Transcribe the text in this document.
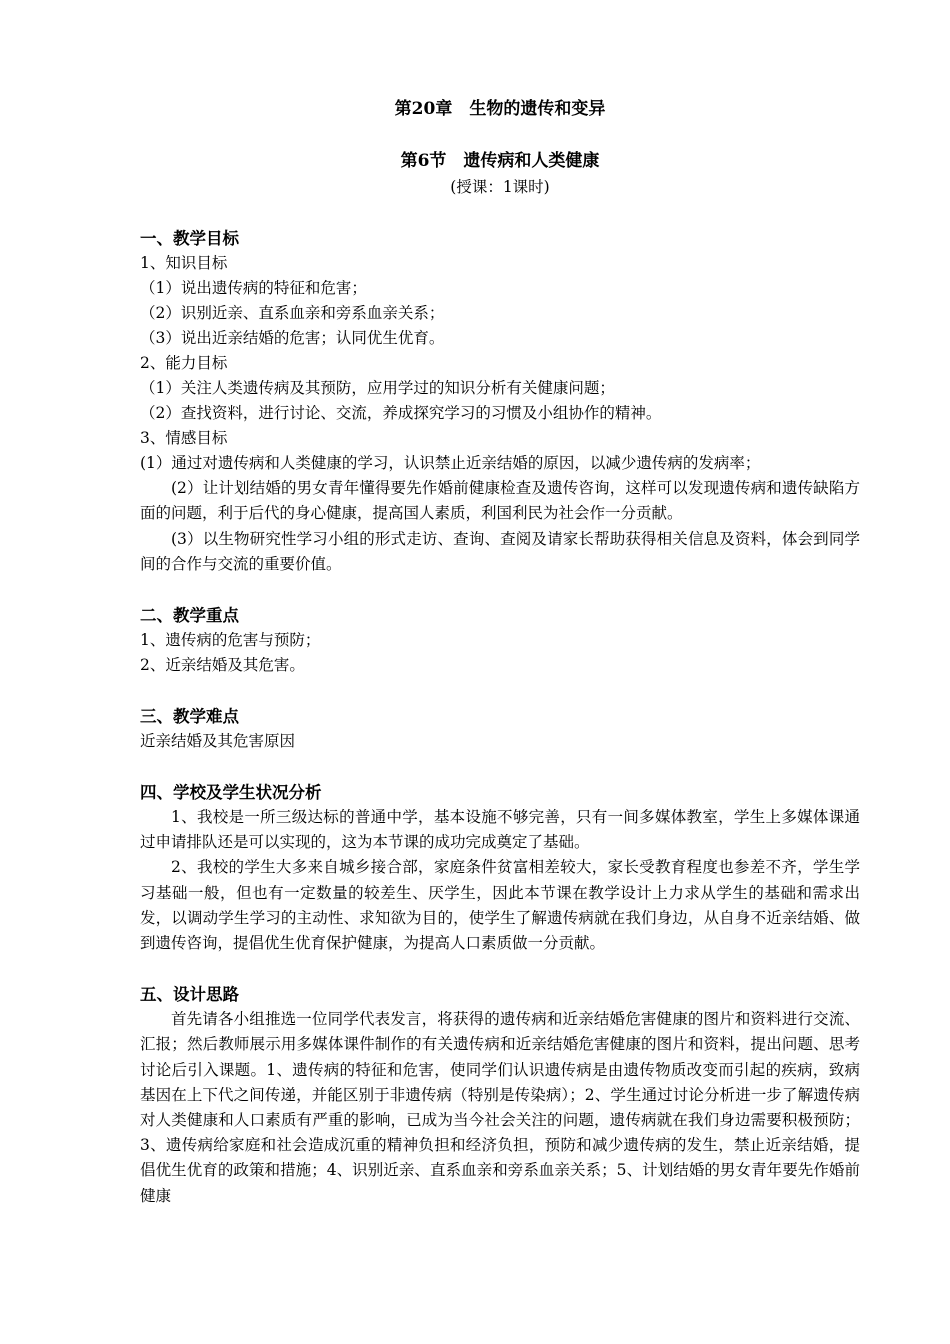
第20章　生物的遗传和变异

第6节　遗传病和人类健康

(授课：1课时)

一、教学目标

1、知识目标

（1）说出遗传病的特征和危害；

（2）识别近亲、直系血亲和旁系血亲关系；

（3）说出近亲结婚的危害；认同优生优育。

2、能力目标

（1）关注人类遗传病及其预防，应用学过的知识分析有关健康问题；

（2）查找资料，进行讨论、交流，养成探究学习的习惯及小组协作的精神。

3、情感目标

(1）通过对遗传病和人类健康的学习，认识禁止近亲结婚的原因，以减少遗传病的发病率；

(2）让计划结婚的男女青年懂得要先作婚前健康检查及遗传咨询，这样可以发现遗传病和遗传缺陷方面的问题，利于后代的身心健康，提高国人素质，利国利民为社会作一分贡献。

(3）以生物研究性学习小组的形式走访、查询、查阅及请家长帮助获得相关信息及资料，体会到同学间的合作与交流的重要价值。

二、教学重点

1、遗传病的危害与预防；

2、近亲结婚及其危害。

三、教学难点

近亲结婚及其危害原因

四、学校及学生状况分析

1、我校是一所三级达标的普通中学，基本设施不够完善，只有一间多媒体教室，学生上多媒体课通过申请排队还是可以实现的，这为本节课的成功完成奠定了基础。

2、我校的学生大多来自城乡接合部，家庭条件贫富相差较大，家长受教育程度也参差不齐，学生学习基础一般，但也有一定数量的较差生、厌学生，因此本节课在教学设计上力求从学生的基础和需求出发，以调动学生学习的主动性、求知欲为目的，使学生了解遗传病就在我们身边，从自身不近亲结婚、做到遗传咨询，提倡优生优育保护健康，为提高人口素质做一分贡献。

五、设计思路

首先请各小组推选一位同学代表发言，将获得的遗传病和近亲结婚危害健康的图片和资料进行交流、汇报；然后教师展示用多媒体课件制作的有关遗传病和近亲结婚危害健康的图片和资料，提出问题、思考讨论后引入课题。1、遗传病的特征和危害，使同学们认识遗传病是由遗传物质改变而引起的疾病，致病基因在上下代之间传递，并能区别于非遗传病（特别是传染病）；2、学生通过讨论分析进一步了解遗传病对人类健康和人口素质有严重的影响，已成为当今社会关注的问题，遗传病就在我们身边需要积极预防；3、遗传病给家庭和社会造成沉重的精神负担和经济负担，预防和减少遗传病的发生，禁止近亲结婚，提倡优生优育的政策和措施；4、识别近亲、直系血亲和旁系血亲关系；5、计划结婚的男女青年要先作婚前健康
